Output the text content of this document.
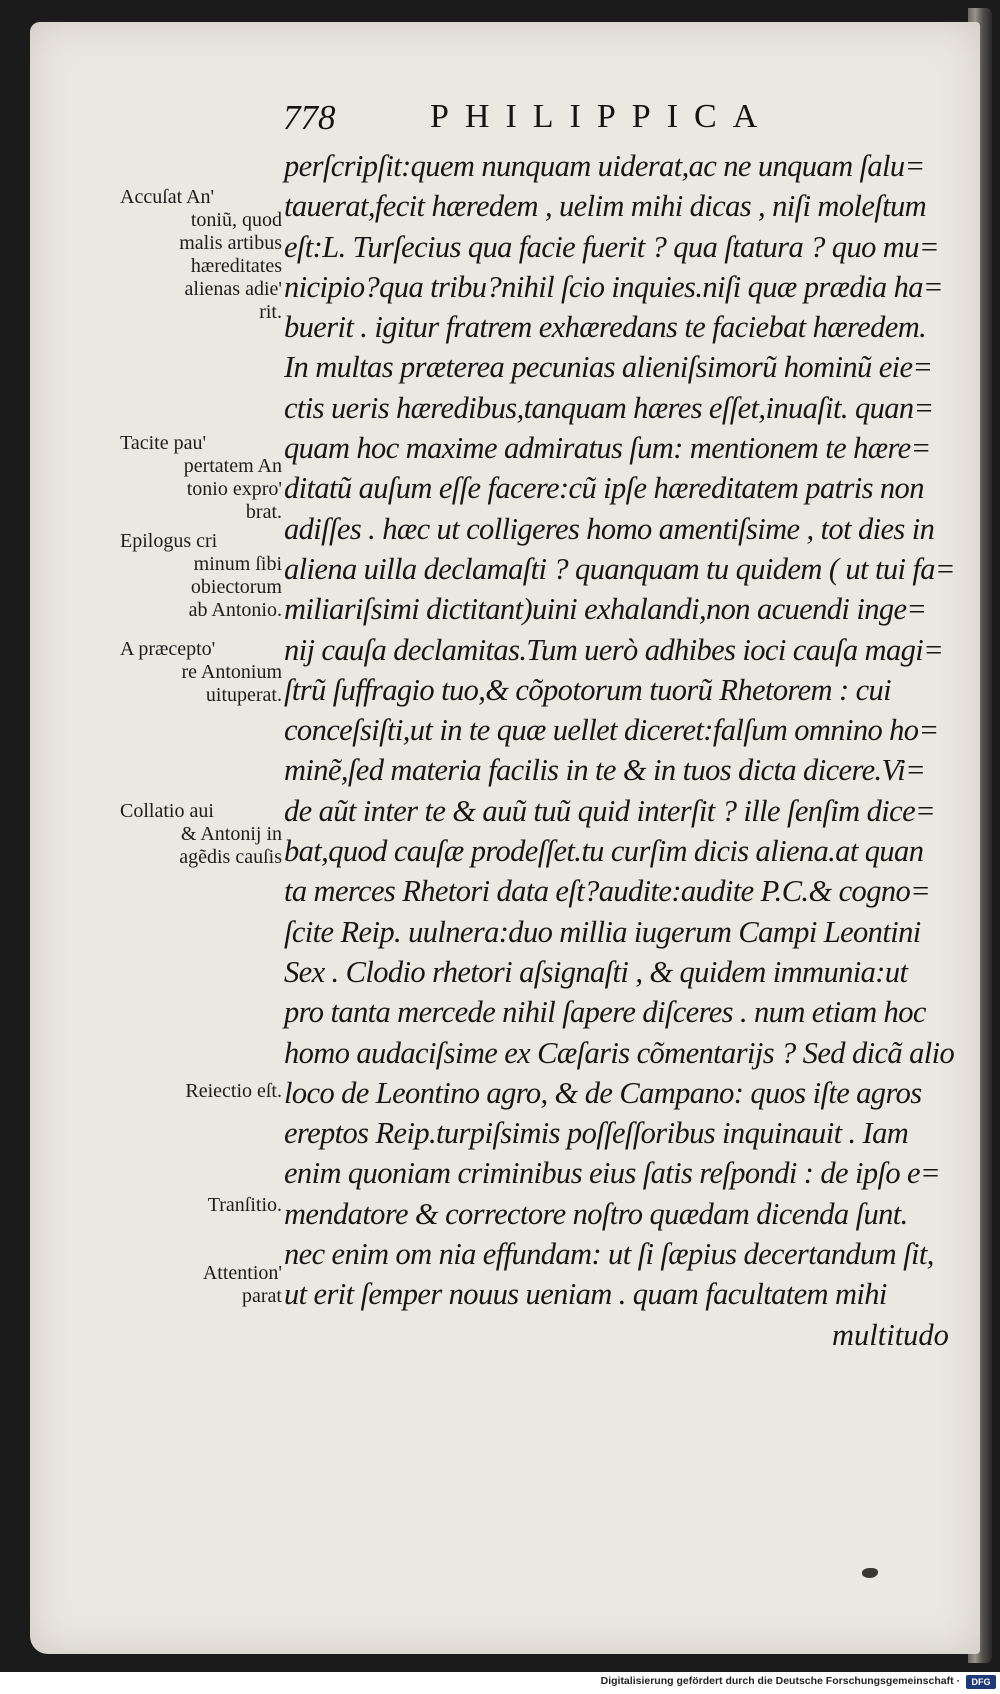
778	PHILIPPICA
perſcripſit:quem nunquam uiderat,ac ne unquam ſalu=
tauerat,fecit hæredem , uelim mihi dicas , niſi moleſtum
eſt:L. Turſecius qua facie fuerit ? qua ſtatura ? quo mu=
nicipio?qua tribu?nihil ſcio inquies.niſi quæ prædia ha=
buerit . igitur fratrem exhæredans te faciebat hæredem.
In multas præterea pecunias alieniſsimorũ hominũ eie=
ctis ueris hæredibus,tanquam hæres eſſet,inuaſit. quan=
quam hoc maxime admiratus ſum: mentionem te hære=
ditatũ auſum eſſe facere:cũ ipſe hæreditatem patris non
adiſſes . hæc ut colligeres homo amentiſsime , tot dies in
aliena uilla declamaſti ? quanquam tu quidem ( ut tui fa=
miliariſsimi dictitant)uini exhalandi,non acuendi inge=
nij cauſa declamitas.Tum uerò adhibes ioci cauſa magi=
ſtrũ ſuffragio tuo,& cõpotorum tuorũ Rhetorem : cui
conceſsiſti,ut in te quæ uellet diceret:falſum omnino ho=
minẽ,ſed materia facilis in te & in tuos dicta dicere.Vi=
de aũt inter te & auũ tuũ quid interſit ? ille ſenſim dice=
bat,quod cauſæ prodeſſet.tu curſim dicis aliena.at quan
ta merces Rhetori data eſt?audite:audite P.C.& cogno=
ſcite Reip. uulnera:duo millia iugerum Campi Leontini
Sex . Clodio rhetori aſsignaſti , & quidem immunia:ut
pro tanta mercede nihil ſapere diſceres . num etiam hoc
homo audaciſsime ex Cæſaris cõmentarijs ? Sed dicã alio
loco de Leontino agro, & de Campano: quos iſte agros
ereptos Reip.turpiſsimis poſſeſſoribus inquinauit . Iam
enim quoniam criminibus eius ſatis reſpondi : de ipſo e=
mendatore & correctore noſtro quædam dicenda ſunt.
nec enim om nia effundam: ut ſi ſæpius decertandum ſit,
ut erit ſemper nouus ueniam . quam facultatem mihi
multitudo
Accuſat An'
toniũ, quod
malis artibus
hæreditates
alienas adie'
rit.
Tacite pau'
pertatem An
tonio expro'
brat.
Epilogus cri
minum ſibi
obiectorum
ab Antonio.
A præcepto'
re Antonium
uituperat.
Collatio aui
& Antonij in
agẽdis cauſis
Reiectio eſt.
Tranſitio.
Attention'
parat
Digitalisierung gefördert durch die Deutsche Forschungsgemeinschaft ·	DFG
